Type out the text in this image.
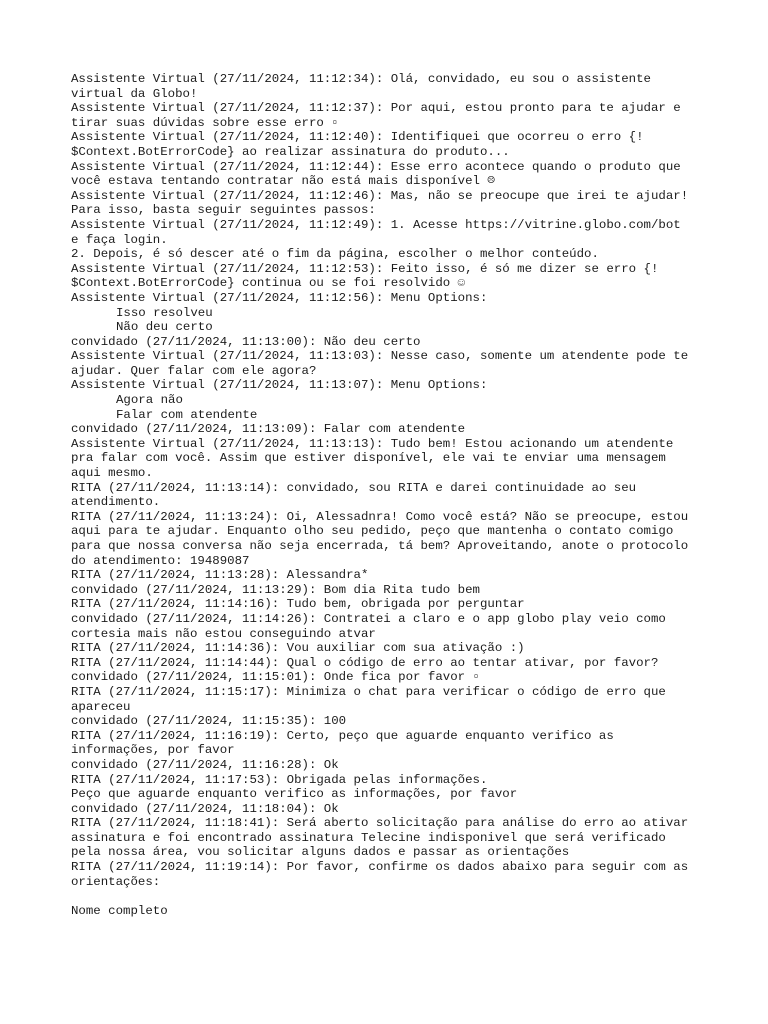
Assistente Virtual (27/11/2024, 11:12:34): Olá, convidado, eu sou o assistente
virtual da Globo!
Assistente Virtual (27/11/2024, 11:12:37): Por aqui, estou pronto para te ajudar e
tirar suas dúvidas sobre esse erro ▫
Assistente Virtual (27/11/2024, 11:12:40): Identifiquei que ocorreu o erro {!
$Context.BotErrorCode} ao realizar assinatura do produto...
Assistente Virtual (27/11/2024, 11:12:44): Esse erro acontece quando o produto que
você estava tentando contratar não está mais disponível ☹
Assistente Virtual (27/11/2024, 11:12:46): Mas, não se preocupe que irei te ajudar!
Para isso, basta seguir seguintes passos:
Assistente Virtual (27/11/2024, 11:12:49): 1. Acesse https://vitrine.globo.com/bot
e faça login.
2. Depois, é só descer até o fim da página, escolher o melhor conteúdo.
Assistente Virtual (27/11/2024, 11:12:53): Feito isso, é só me dizer se erro {!
$Context.BotErrorCode} continua ou se foi resolvido ☺
Assistente Virtual (27/11/2024, 11:12:56): Menu Options:
Isso resolveu
Não deu certo
convidado (27/11/2024, 11:13:00): Não deu certo
Assistente Virtual (27/11/2024, 11:13:03): Nesse caso, somente um atendente pode te
ajudar. Quer falar com ele agora?
Assistente Virtual (27/11/2024, 11:13:07): Menu Options:
Agora não
Falar com atendente
convidado (27/11/2024, 11:13:09): Falar com atendente
Assistente Virtual (27/11/2024, 11:13:13): Tudo bem! Estou acionando um atendente
pra falar com você. Assim que estiver disponível, ele vai te enviar uma mensagem
aqui mesmo.
RITA (27/11/2024, 11:13:14): convidado, sou RITA e darei continuidade ao seu
atendimento.
RITA (27/11/2024, 11:13:24): Oi, Alessadnra! Como você está? Não se preocupe, estou
aqui para te ajudar. Enquanto olho seu pedido, peço que mantenha o contato comigo
para que nossa conversa não seja encerrada, tá bem? Aproveitando, anote o protocolo
do atendimento: 19489087
RITA (27/11/2024, 11:13:28): Alessandra*
convidado (27/11/2024, 11:13:29): Bom dia Rita tudo bem
RITA (27/11/2024, 11:14:16): Tudo bem, obrigada por perguntar
convidado (27/11/2024, 11:14:26): Contratei a claro e o app globo play veio como
cortesia mais não estou conseguindo atvar
RITA (27/11/2024, 11:14:36): Vou auxiliar com sua ativação :)
RITA (27/11/2024, 11:14:44): Qual o código de erro ao tentar ativar, por favor?
convidado (27/11/2024, 11:15:01): Onde fica por favor ▫
RITA (27/11/2024, 11:15:17): Minimiza o chat para verificar o código de erro que
apareceu
convidado (27/11/2024, 11:15:35): 100
RITA (27/11/2024, 11:16:19): Certo, peço que aguarde enquanto verifico as
informações, por favor
convidado (27/11/2024, 11:16:28): Ok
RITA (27/11/2024, 11:17:53): Obrigada pelas informações.
Peço que aguarde enquanto verifico as informações, por favor
convidado (27/11/2024, 11:18:04): Ok
RITA (27/11/2024, 11:18:41): Será aberto solicitação para análise do erro ao ativar
assinatura e foi encontrado assinatura Telecine indisponivel que será verificado
pela nossa área, vou solicitar alguns dados e passar as orientações
RITA (27/11/2024, 11:19:14): Por favor, confirme os dados abaixo para seguir com as
orientações:
Nome completo
